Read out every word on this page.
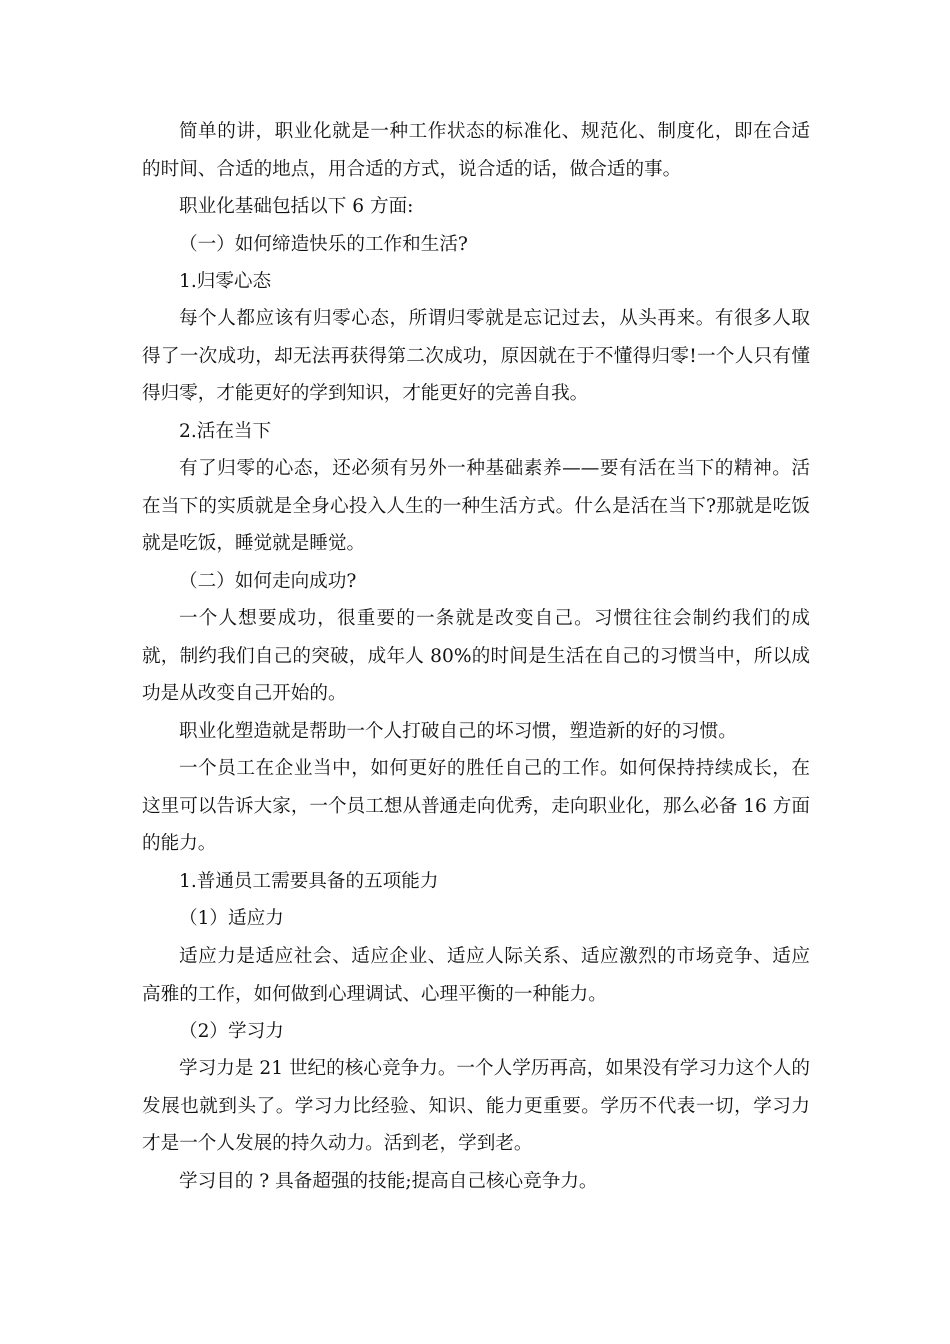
简单的讲，职业化就是一种工作状态的标准化、规范化、制度化，即在合适的时间、合适的地点，用合适的方式，说合适的话，做合适的事。

职业化基础包括以下 6 方面:

（一）如何缔造快乐的工作和生活?

1.归零心态

每个人都应该有归零心态，所谓归零就是忘记过去，从头再来。有很多人取得了一次成功，却无法再获得第二次成功，原因就在于不懂得归零!一个人只有懂得归零，才能更好的学到知识，才能更好的完善自我。

2.活在当下

有了归零的心态，还必须有另外一种基础素养——要有活在当下的精神。活在当下的实质就是全身心投入人生的一种生活方式。什么是活在当下?那就是吃饭就是吃饭，睡觉就是睡觉。

（二）如何走向成功?

一个人想要成功，很重要的一条就是改变自己。习惯往往会制约我们的成就，制约我们自己的突破，成年人 80%的时间是生活在自己的习惯当中，所以成功是从改变自己开始的。

职业化塑造就是帮助一个人打破自己的坏习惯，塑造新的好的习惯。

一个员工在企业当中，如何更好的胜任自己的工作。如何保持持续成长，在这里可以告诉大家，一个员工想从普通走向优秀，走向职业化，那么必备 16 方面的能力。

1.普通员工需要具备的五项能力

（1）适应力

适应力是适应社会、适应企业、适应人际关系、适应激烈的市场竞争、适应高雅的工作，如何做到心理调试、心理平衡的一种能力。

（2）学习力

学习力是 21 世纪的核心竞争力。一个人学历再高，如果没有学习力这个人的发展也就到头了。学习力比经验、知识、能力更重要。学历不代表一切，学习力才是一个人发展的持久动力。活到老，学到老。

学习目的 ? 具备超强的技能;提高自己核心竞争力。
